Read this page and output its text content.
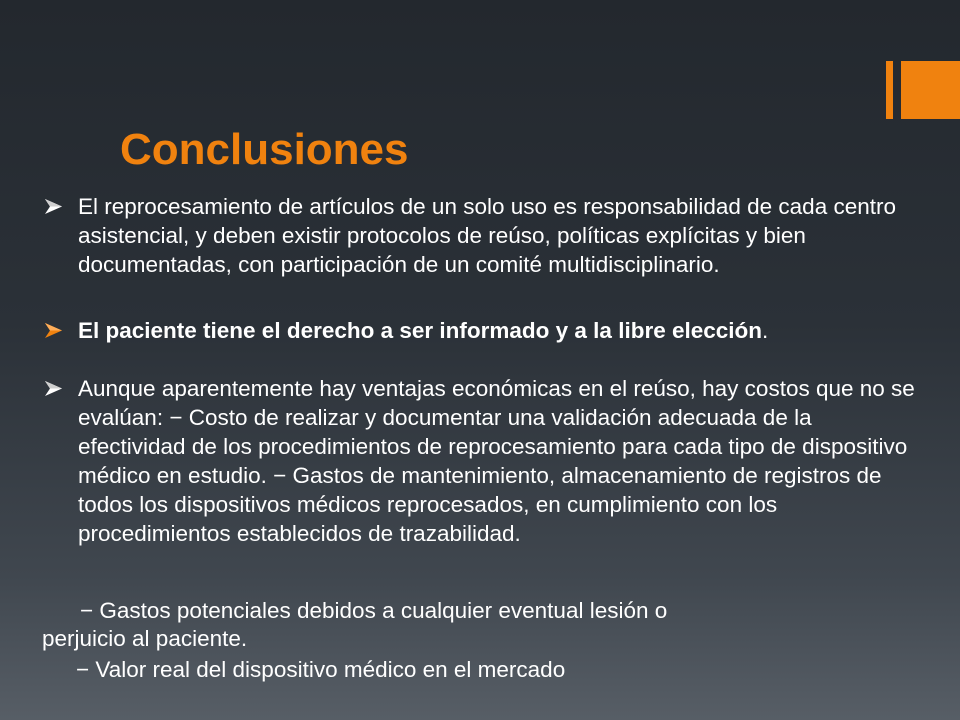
Conclusiones
El reprocesamiento de artículos de un solo uso es responsabilidad de cada centro asistencial, y deben existir protocolos de reúso, políticas explícitas y bien documentadas, con participación de un comité multidisciplinario.
El paciente tiene el derecho a ser informado y a la libre elección.
Aunque aparentemente hay ventajas económicas en el reúso, hay costos que no se evalúan: − Costo de realizar y documentar una validación adecuada de la efectividad de los procedimientos de reprocesamiento para cada tipo de dispositivo médico en estudio. − Gastos de mantenimiento, almacenamiento de registros de todos los dispositivos médicos reprocesados, en cumplimiento con los procedimientos establecidos de trazabilidad.
− Gastos potenciales debidos a cualquier eventual lesión o
perjuicio al paciente.
− Valor real del dispositivo médico en el mercado
